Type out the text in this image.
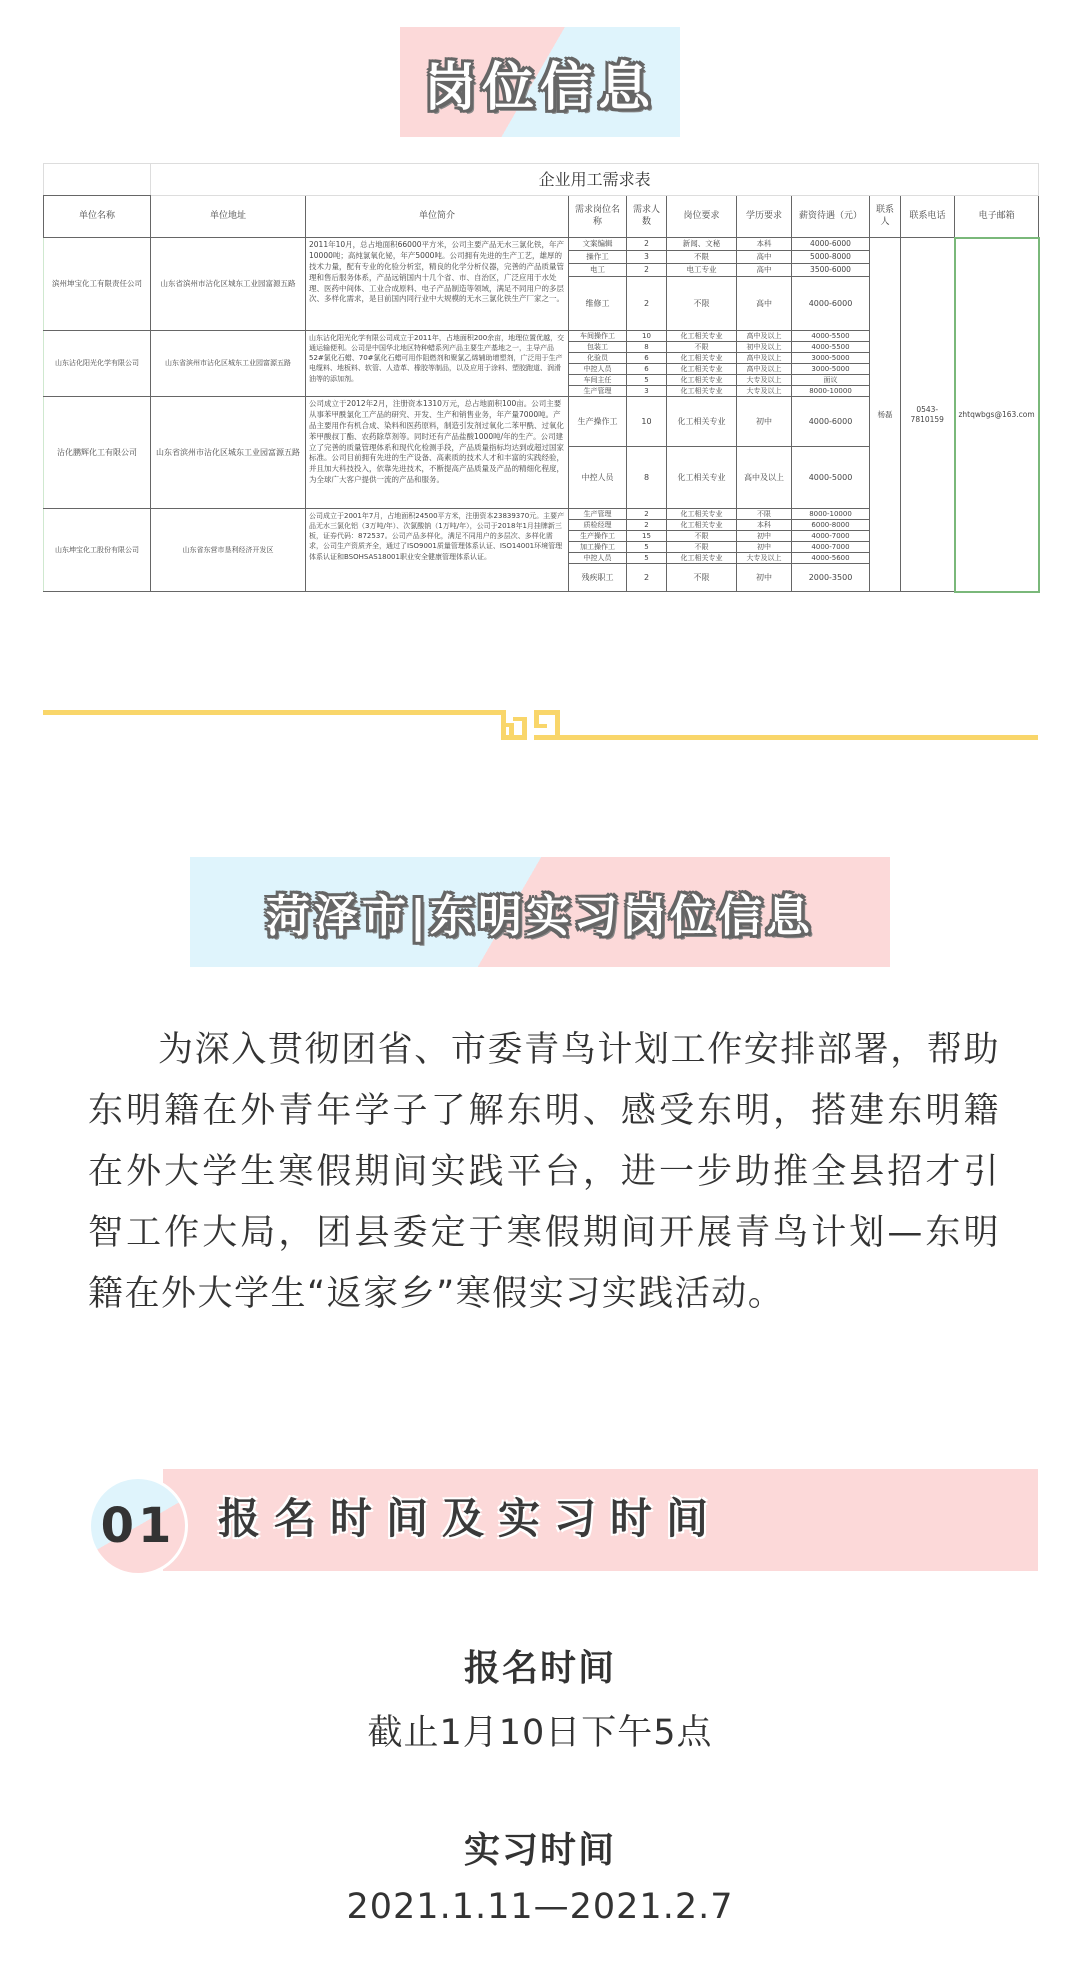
岗位信息
	企业用工需求表									
单位名称	单位地址	单位简介	需求岗位名称	需求人数	岗位要求	学历要求	薪资待遇（元）	联系人	联系电话	电子邮箱
滨州坤宝化工有限责任公司	山东省滨州市沾化区城东工业园富源五路	2011年10月，总占地面积66000平方米，公司主要产品无水三氯化铁，年产10000吨；高纯氯氧化铋，年产5000吨。公司拥有先进的生产工艺，雄厚的技术力量，配有专业的化验分析室，精良的化学分析仪器，完善的产品质量管理和售后服务体系，产品远销国内十几个省、市、自治区，广泛应用于水处理、医药中间体、工业合成原料、电子产品制造等领域，满足不同用户的多层次、多样化需求，是目前国内同行业中大规模的无水三氯化铁生产厂家之一。	文案编辑	2	新闻、文秘	本科	4000-6000	杨磊	0543-7810159	zhtqwbgs@163.com
			操作工	3	不限	高中	5000-8000			
			电工	2	电工专业	高中	3500-6000			
			维修工	2	不限	高中	4000-6000			
山东沾化阳光化学有限公司	山东省滨州市沾化区城东工业园富源五路	山东沾化阳光化学有限公司成立于2011年，占地面积200余亩，地理位置优越，交通运输便利。公司是中国华北地区特种蜡系列产品主要生产基地之一，主导产品52#氯化石蜡、70#氯化石蜡可用作阻燃剂和聚氯乙烯辅助增塑剂，广泛用于生产电缆料、地板料、软管、人造革、橡胶等制品，以及应用于涂料、塑胶跑道、润滑油等的添加剂。	车间操作工	10	化工相关专业	高中及以上	4000-5500			
			包装工	8	不限	初中及以上	4000-5500			
			化验员	6	化工相关专业	高中及以上	3000-5000			
			中控人员	6	化工相关专业	高中及以上	3000-5000			
			车间主任	5	化工相关专业	大专及以上	面议			
			生产管理	3	化工相关专业	大专及以上	8000-10000			
沾化鹏辉化工有限公司	山东省滨州市沾化区城东工业园富源五路	公司成立于2012年2月，注册资本1310万元，总占地面积100亩。公司主要从事苯甲酰氯化工产品的研究、开发、生产和销售业务，年产量7000吨。产品主要用作有机合成、染料和医药原料，制造引发剂过氧化二苯甲酰、过氧化苯甲酸叔丁酯、农药除草剂等。同时还有产品盐酸1000吨/年的生产。公司建立了完善的质量管理体系和现代化检测手段，产品质量指标均达到或超过国家标准。公司目前拥有先进的生产设备、高素质的技术人才和丰富的实践经验，并且加大科技投入，依靠先进技术，不断提高产品质量及产品的精细化程度，为全球广大客户提供一流的产品和服务。	生产操作工	10	化工相关专业	初中	4000-6000			
			中控人员	8	化工相关专业	高中及以上	4000-5000			
山东坤宝化工股份有限公司	山东省东营市垦利经济开发区	公司成立于2001年7月，占地面积24500平方米，注册资本23839370元。主要产品无水三氯化铝（3万吨/年）、次氯酸钠（1万吨/年），公司于2018年1月挂牌新三板，证券代码：872537。公司产品多样化，满足不同用户的多层次、多样化需求，公司生产资质齐全，通过了ISO9001质量管理体系认证、ISO14001环境管理体系认证和BSOHSAS18001职业安全健康管理体系认证。	生产管理	2	化工相关专业	不限	8000-10000			
			质检经理	2	化工相关专业	本科	6000-8000			
			生产操作工	15	不限	初中	4000-7000			
			加工操作工	5	不限	初中	4000-7000			
			中控人员	5	化工相关专业	大专及以上	4000-5600			
			残疾职工	2	不限	初中	2000-3500			
菏泽市|东明实习岗位信息

为深入贯彻团省、市委青鸟计划工作安排部署，帮助东明籍在外青年学子了解东明、感受东明，搭建东明籍在外大学生寒假期间实践平台，进一步助推全县招才引智工作大局，团县委定于寒假期间开展青鸟计划—东明籍在外大学生“返家乡”寒假实习实践活动。

01	报名时间及实习时间
报名时间
截止1月10日下午5点
实习时间
2021.1.11—2021.2.7
